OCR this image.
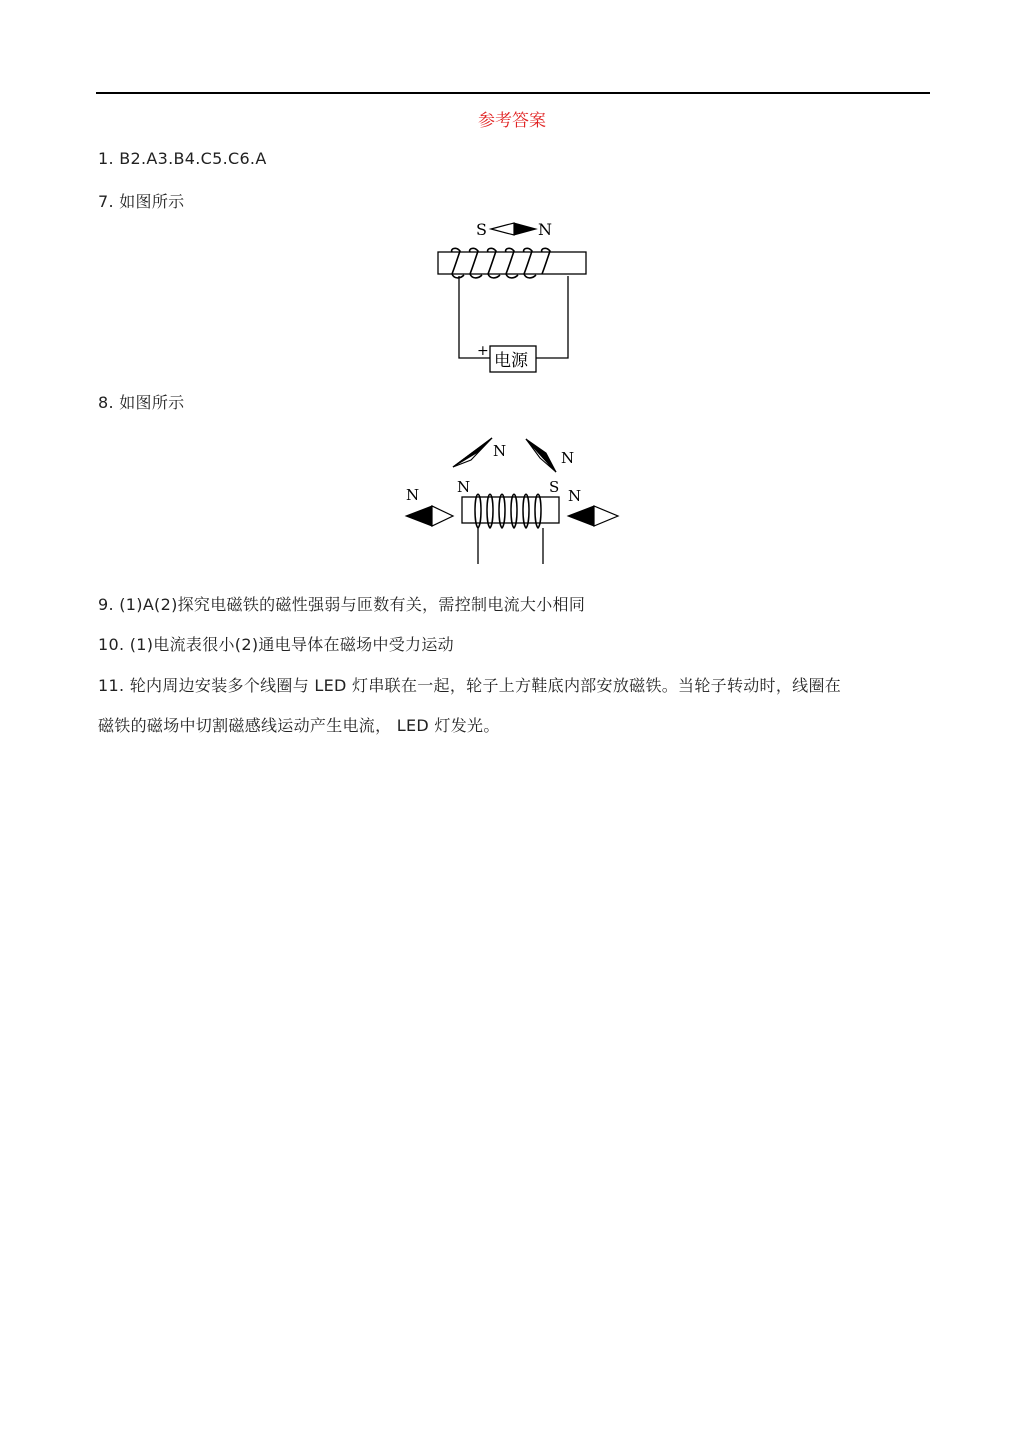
参考答案
1. B2.A3.B4.C5.C6.A
7. 如图所示
S	N
+ 电源
8. 如图所示
N	N
N	N	S N
9. (1)A(2)探究电磁铁的磁性强弱与匝数有关，需控制电流大小相同
10. (1)电流表很小(2)通电导体在磁场中受力运动
11. 轮内周边安装多个线圈与 LED 灯串联在一起，轮子上方鞋底内部安放磁铁。当轮子转动时，线圈在
磁铁的磁场中切割磁感线运动产生电流， LED 灯发光。
